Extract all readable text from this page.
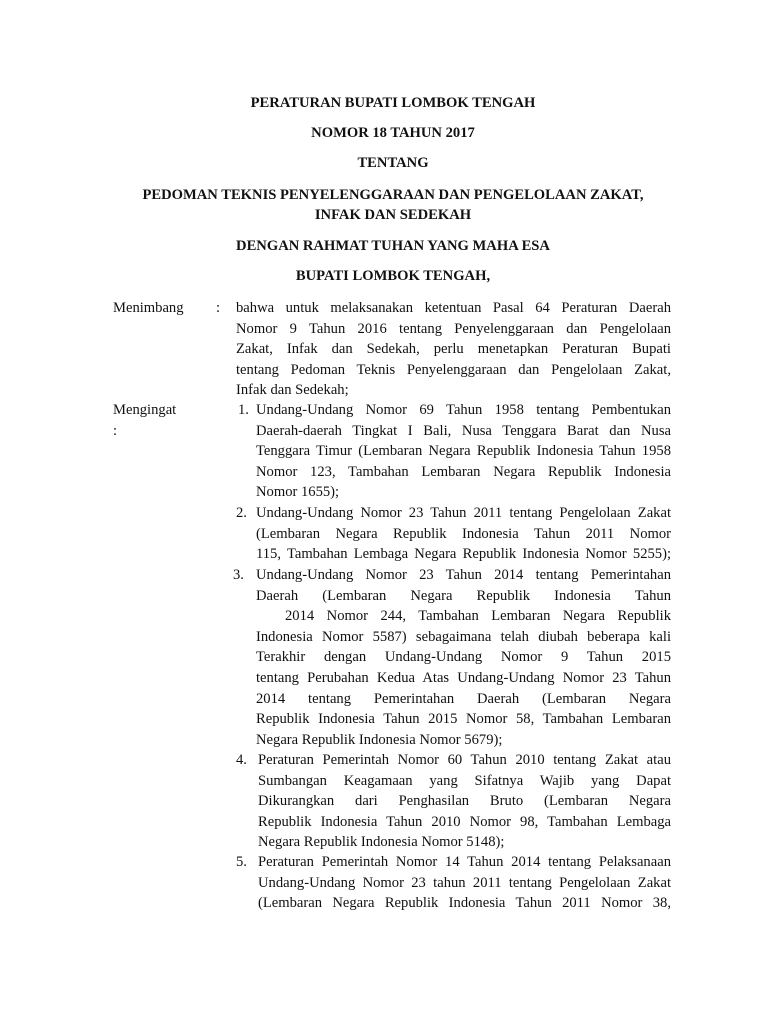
PERATURAN BUPATI LOMBOK TENGAH
NOMOR 18 TAHUN 2017
TENTANG
PEDOMAN TEKNIS PENYELENGGARAAN DAN PENGELOLAAN ZAKAT,
INFAK DAN SEDEKAH
DENGAN RAHMAT TUHAN YANG MAHA ESA
BUPATI LOMBOK TENGAH,
Menimbang : bahwa untuk melaksanakan ketentuan Pasal 64 Peraturan Daerah
Nomor 9 Tahun 2016 tentang Penyelenggaraan dan Pengelolaan
Zakat, Infak dan Sedekah, perlu menetapkan Peraturan Bupati
tentang Pedoman Teknis Penyelenggaraan dan Pengelolaan Zakat,
Infak dan Sedekah;
Mengingat
:
1. Undang-Undang Nomor 69 Tahun 1958 tentang Pembentukan
Daerah-daerah Tingkat I Bali, Nusa Tenggara Barat dan Nusa
Tenggara Timur (Lembaran Negara Republik Indonesia Tahun 1958
Nomor 123, Tambahan Lembaran Negara Republik Indonesia
Nomor 1655);
2. Undang-Undang Nomor 23 Tahun 2011 tentang Pengelolaan Zakat
(Lembaran Negara Republik Indonesia Tahun 2011 Nomor
115, Tambahan Lembaga Negara Republik Indonesia Nomor 5255);
3. Undang-Undang Nomor 23 Tahun 2014 tentang Pemerintahan
Daerah (Lembaran Negara Republik Indonesia Tahun
2014 Nomor 244, Tambahan Lembaran Negara Republik
Indonesia Nomor 5587) sebagaimana telah diubah beberapa kali
Terakhir dengan Undang-Undang Nomor 9 Tahun 2015
tentang Perubahan Kedua Atas Undang-Undang Nomor 23 Tahun
2014 tentang Pemerintahan Daerah (Lembaran Negara
Republik Indonesia Tahun 2015 Nomor 58, Tambahan Lembaran
Negara Republik Indonesia Nomor 5679);
4. Peraturan Pemerintah Nomor 60 Tahun 2010 tentang Zakat atau
Sumbangan Keagamaan yang Sifatnya Wajib yang Dapat
Dikurangkan dari Penghasilan Bruto (Lembaran Negara
Republik Indonesia Tahun 2010 Nomor 98, Tambahan Lembaga
Negara Republik Indonesia Nomor 5148);
5. Peraturan Pemerintah Nomor 14 Tahun 2014 tentang Pelaksanaan
Undang-Undang Nomor 23 tahun 2011 tentang Pengelolaan Zakat
(Lembaran Negara Republik Indonesia Tahun 2011 Nomor 38,
